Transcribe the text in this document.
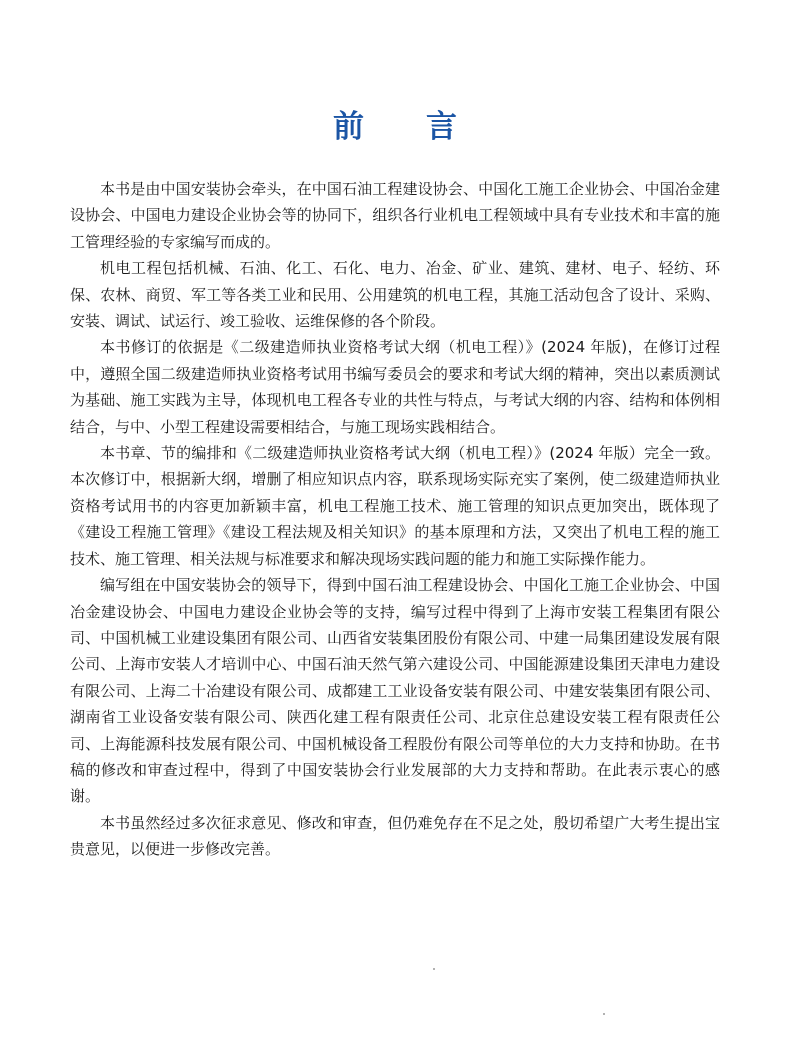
前 言

本书是由中国安装协会牵头，在中国石油工程建设协会、中国化工施工企业协会、中国冶金建设协会、中国电力建设企业协会等的协同下，组织各行业机电工程领域中具有专业技术和丰富的施工管理经验的专家编写而成的。

机电工程包括机械、石油、化工、石化、电力、冶金、矿业、建筑、建材、电子、轻纺、环保、农林、商贸、军工等各类工业和民用、公用建筑的机电工程，其施工活动包含了设计、采购、安装、调试、试运行、竣工验收、运维保修的各个阶段。

本书修订的依据是《二级建造师执业资格考试大纲（机电工程）》(2024 年版)，在修订过程中，遵照全国二级建造师执业资格考试用书编写委员会的要求和考试大纲的精神，突出以素质测试为基础、施工实践为主导，体现机电工程各专业的共性与特点，与考试大纲的内容、结构和体例相结合，与中、小型工程建设需要相结合，与施工现场实践相结合。

本书章、节的编排和《二级建造师执业资格考试大纲（机电工程）》(2024 年版）完全一致。本次修订中，根据新大纲，增删了相应知识点内容，联系现场实际充实了案例，使二级建造师执业资格考试用书的内容更加新颖丰富，机电工程施工技术、施工管理的知识点更加突出，既体现了《建设工程施工管理》《建设工程法规及相关知识》的基本原理和方法，又突出了机电工程的施工技术、施工管理、相关法规与标准要求和解决现场实践问题的能力和施工实际操作能力。

编写组在中国安装协会的领导下，得到中国石油工程建设协会、中国化工施工企业协会、中国冶金建设协会、中国电力建设企业协会等的支持，编写过程中得到了上海市安装工程集团有限公司、中国机械工业建设集团有限公司、山西省安装集团股份有限公司、中建一局集团建设发展有限公司、上海市安装人才培训中心、中国石油天然气第六建设公司、中国能源建设集团天津电力建设有限公司、上海二十冶建设有限公司、成都建工工业设备安装有限公司、中建安装集团有限公司、湖南省工业设备安装有限公司、陕西化建工程有限责任公司、北京住总建设安装工程有限责任公司、上海能源科技发展有限公司、中国机械设备工程股份有限公司等单位的大力支持和协助。在书稿的修改和审查过程中，得到了中国安装协会行业发展部的大力支持和帮助。在此表示衷心的感谢。

本书虽然经过多次征求意见、修改和审查，但仍难免存在不足之处，殷切希望广大考生提出宝贵意见，以便进一步修改完善。
